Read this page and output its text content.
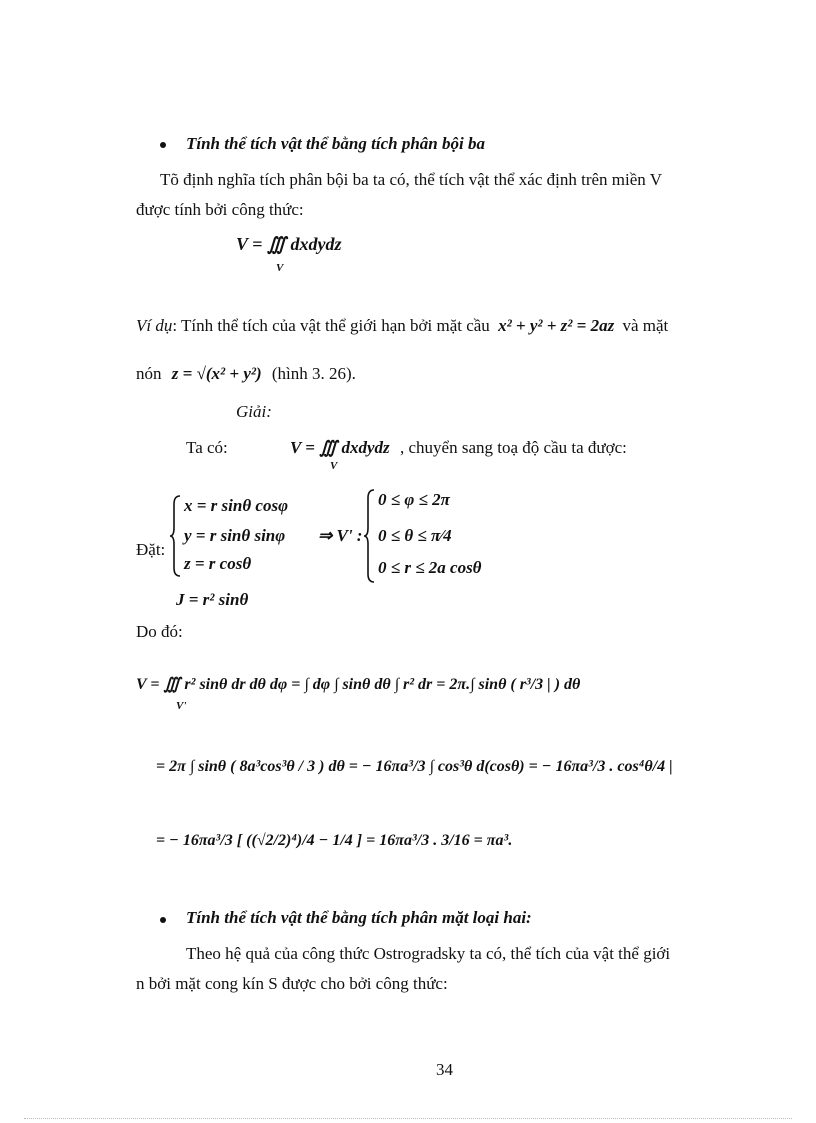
Tính thể tích vật thể bằng tích phân bội ba
Tõ định nghĩa tích phân bội ba ta có, thể tích vật thể xác định trên miền V
được tính bởi công thức:
V = ∭ dxdydz
V
Ví dụ: Tính thể tích của vật thể giới hạn bởi mặt cầu x² + y² + z² = 2az và mặt
nón z = √(x² + y²) (hình 3. 26).
Giải:
Ta có:	V = ∭ dxdydz
V
, chuyển sang toạ độ cầu ta được:
Đặt:
x = r sinθ cosφ
y = r sinθ sinφ
z = r cosθ
⇒ V' :
0 ≤ φ ≤ 2π
0 ≤ θ ≤ π⁄4
0 ≤ r ≤ 2a cosθ
J = r² sinθ
Do đó:
V = ∭ r² sinθ dr dθ dφ = ∫ dφ ∫ sinθ dθ ∫ r² dr = 2π.∫ sinθ ( r³/3 | ) dθ
V'
= 2π ∫ sinθ ( 8a³cos³θ / 3 ) dθ = − 16πa³/3 ∫ cos³θ d(cosθ) = − 16πa³/3 . cos⁴θ/4 |
= − 16πa³/3 [ ((√2/2)⁴)/4 − 1/4 ] = 16πa³/3 . 3/16 = πa³.
Tính thể tích vật thể bằng tích phân mặt loại hai:
Theo hệ quả của công thức Ostrogradsky ta có, thể tích của vật thể giới
n bởi mặt cong kín S được cho bởi công thức:
34
